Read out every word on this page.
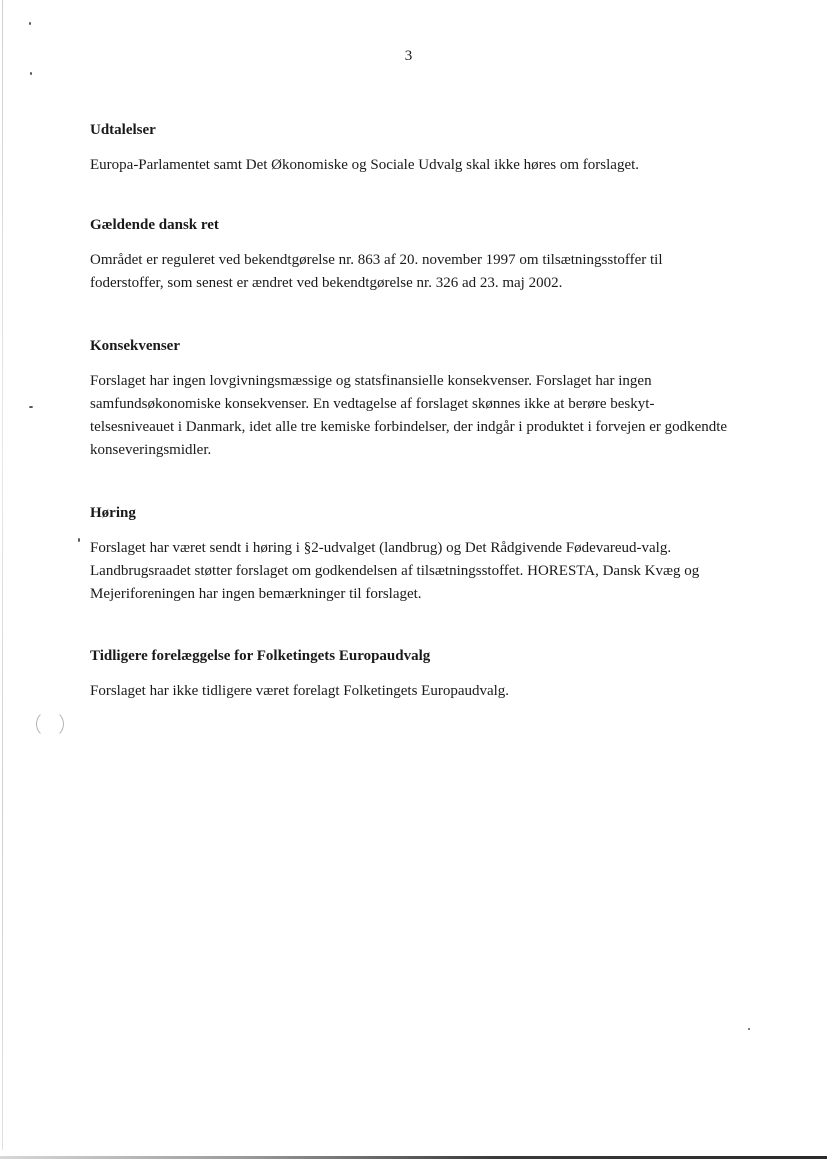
3
Udtalelser

Europa-Parlamentet samt Det Økonomiske og Sociale Udvalg skal ikke høres om forslaget.

Gældende dansk ret

Området er reguleret ved bekendtgørelse nr. 863 af 20. november 1997 om tilsætningsstoffer til foderstoffer, som senest er ændret ved bekendtgørelse nr. 326 ad 23. maj 2002.

Konsekvenser

Forslaget har ingen lovgivningsmæssige og statsfinansielle konsekvenser. Forslaget har ingen samfundsøkonomiske konsekvenser. En vedtagelse af forslaget skønnes ikke at berøre beskyt-telsesniveauet i Danmark, idet alle tre kemiske forbindelser, der indgår i produktet i forvejen er godkendte konseveringsmidler.

Høring

Forslaget har været sendt i høring i §2-udvalget (landbrug) og Det Rådgivende Fødevareud-valg. Landbrugsraadet støtter forslaget om godkendelsen af tilsætningsstoffet. HORESTA, Dansk Kvæg og Mejeriforeningen har ingen bemærkninger til forslaget.

Tidligere forelæggelse for Folketingets Europaudvalg

Forslaget har ikke tidligere været forelagt Folketingets Europaudvalg.
